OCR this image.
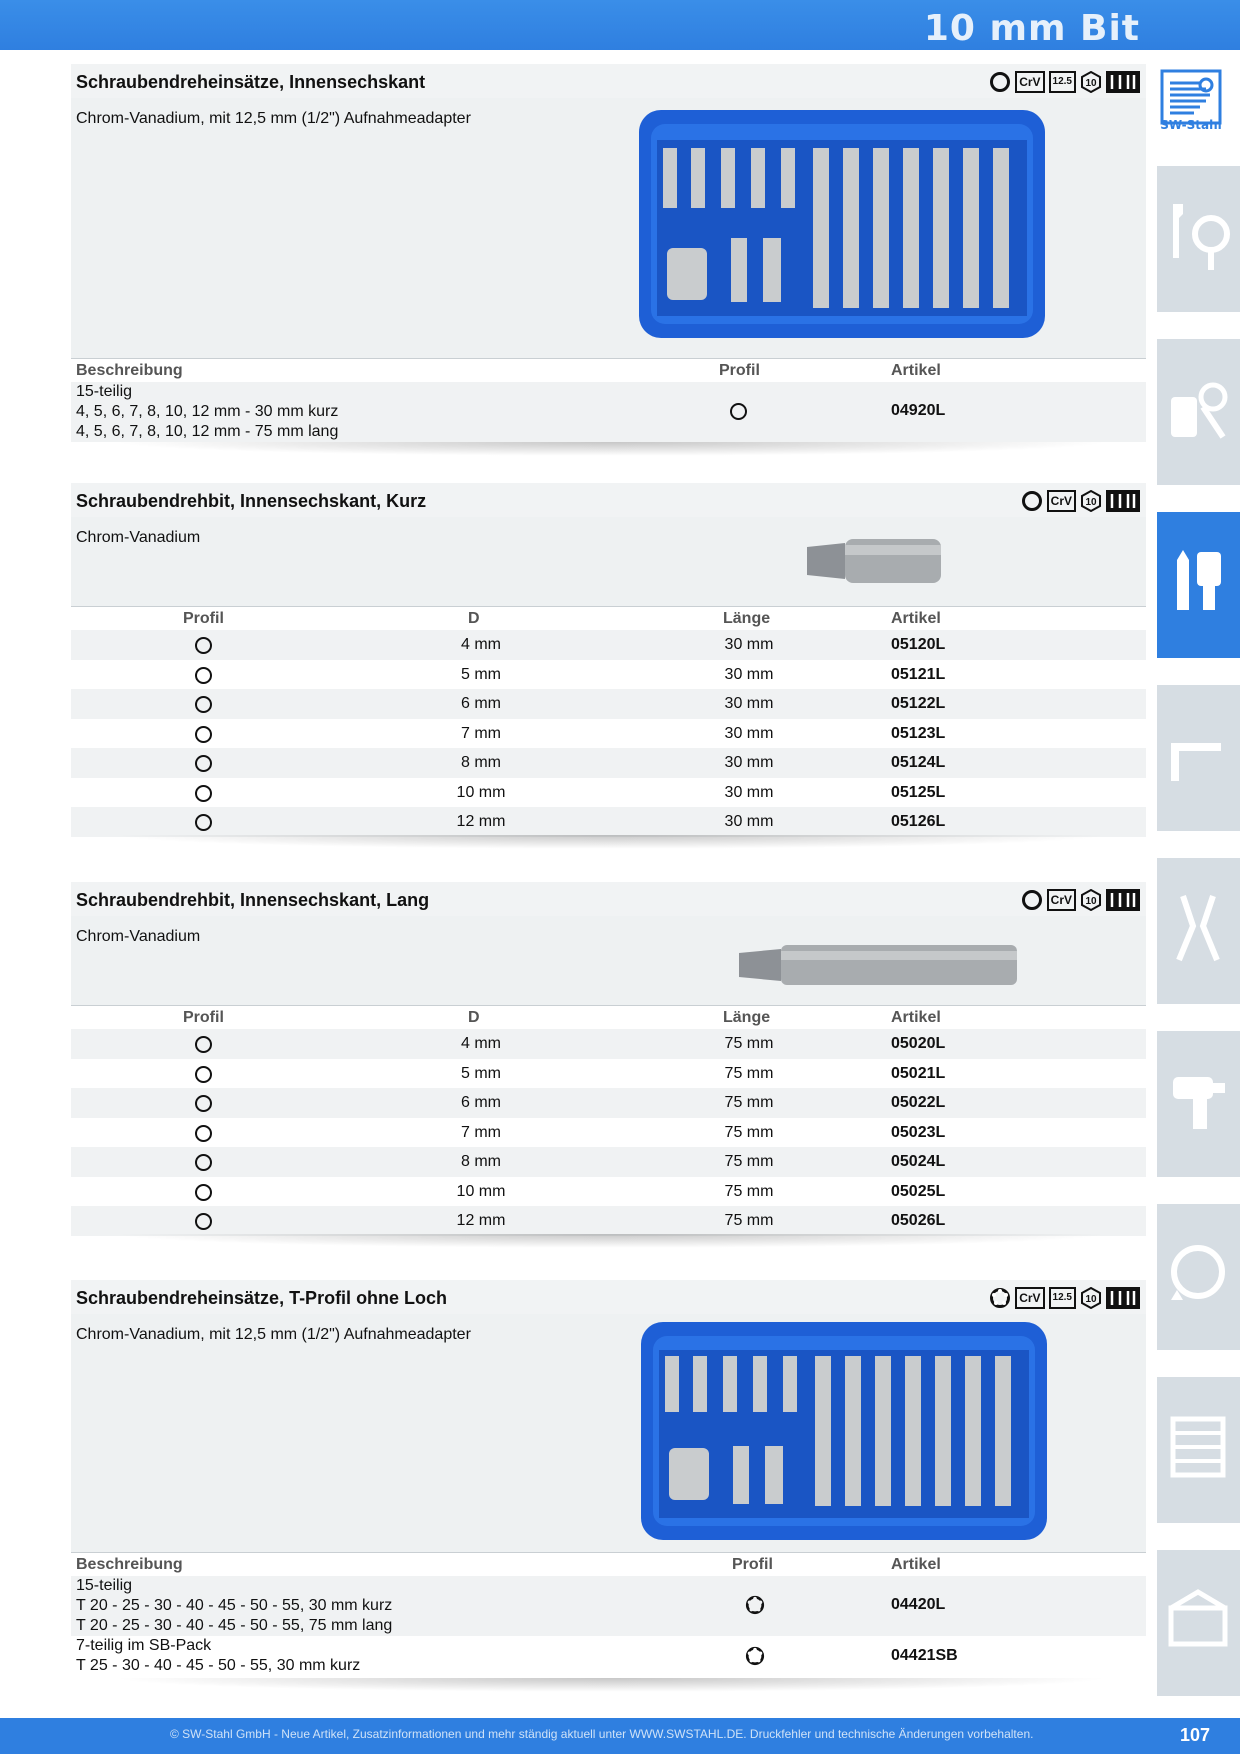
10 mm Bit
SW-Stahl
Schraubendreheinsätze, Innensechskant	CrV	12.5	10
Chrom-Vanadium, mit 12,5 mm (1/2") Aufnahmeadapter
Beschreibung	Profil	Artikel
15-teilig
4, 5, 6, 7, 8, 10, 12 mm - 30 mm kurz
4, 5, 6, 7, 8, 10, 12 mm - 75 mm lang
04920L
Schraubendrehbit, Innensechskant, Kurz	CrV	10
Chrom-Vanadium
Profil	D	Länge	Artikel
4 mm	30 mm	05120L
5 mm	30 mm	05121L
6 mm	30 mm	05122L
7 mm	30 mm	05123L
8 mm	30 mm	05124L
10 mm	30 mm	05125L
12 mm	30 mm	05126L
Schraubendrehbit, Innensechskant, Lang	CrV	10
Chrom-Vanadium
Profil	D	Länge	Artikel
4 mm	75 mm	05020L
5 mm	75 mm	05021L
6 mm	75 mm	05022L
7 mm	75 mm	05023L
8 mm	75 mm	05024L
10 mm	75 mm	05025L
12 mm	75 mm	05026L
Schraubendreheinsätze, T-Profil ohne Loch	CrV	12.5	10
Chrom-Vanadium, mit 12,5 mm (1/2") Aufnahmeadapter
Beschreibung	Profil	Artikel
15-teilig
T 20 - 25 - 30 - 40 - 45 - 50 - 55, 30 mm kurz
T 20 - 25 - 30 - 40 - 45 - 50 - 55, 75 mm lang
04420L
7-teilig im SB-Pack
T 25 - 30 - 40 - 45 - 50 - 55, 30 mm kurz
04421SB
© SW-Stahl GmbH - Neue Artikel, Zusatzinformationen und mehr ständig aktuell unter WWW.SWSTAHL.DE. Druckfehler und technische Änderungen vorbehalten.	107
